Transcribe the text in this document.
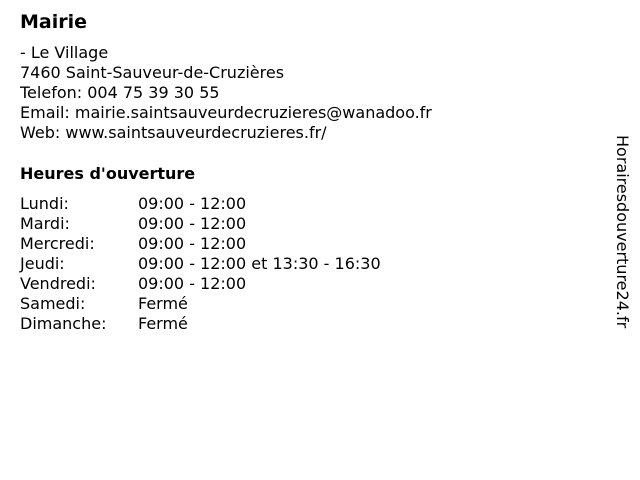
Mairie
- Le Village
7460 Saint-Sauveur-de-Cruzières
Telefon: 004 75 39 30 55
Email: mairie.saintsauveurdecruzieres@wanadoo.fr
Web: www.saintsauveurdecruzieres.fr/
Heures d'ouverture
Lundi:	09:00 - 12:00
Mardi:	09:00 - 12:00
Mercredi:	09:00 - 12:00
Jeudi:	09:00 - 12:00 et 13:30 - 16:30
Vendredi:	09:00 - 12:00
Samedi:	Fermé
Dimanche:	Fermé	Horairesdouverture24.fr
